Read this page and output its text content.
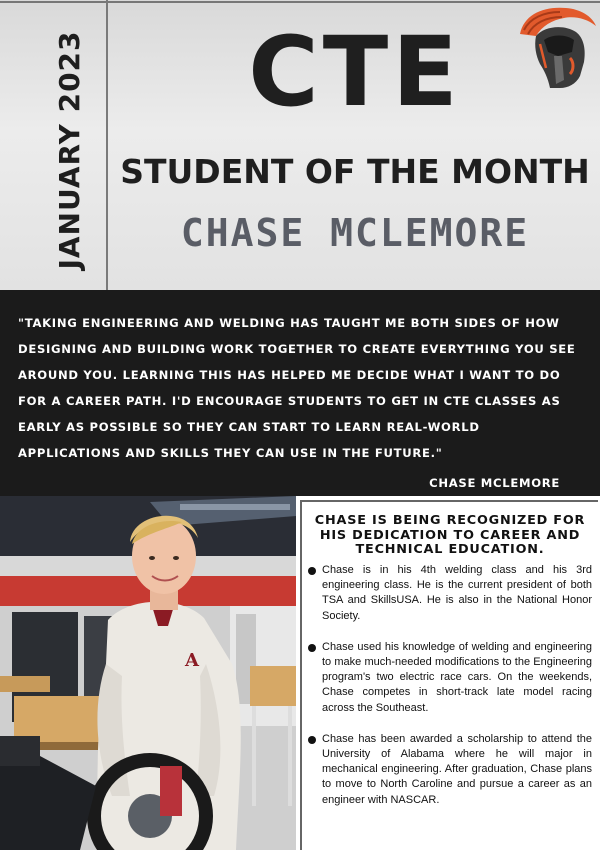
JANUARY 2023	CTE
STUDENT OF THE MONTH
CHASE MCLEMORE
"TAKING ENGINEERING AND WELDING HAS TAUGHT ME BOTH SIDES OF HOW DESIGNING AND BUILDING WORK TOGETHER TO CREATE EVERYTHING YOU SEE AROUND YOU. LEARNING THIS HAS HELPED ME DECIDE WHAT I WANT TO DO FOR A CAREER PATH. I'D ENCOURAGE STUDENTS TO GET IN CTE CLASSES AS EARLY AS POSSIBLE SO THEY CAN START TO LEARN REAL-WORLD APPLICATIONS AND SKILLS THEY CAN USE IN THE FUTURE."
CHASE MCLEMORE
A
CHASE IS BEING RECOGNIZED FOR HIS DEDICATION TO CAREER AND TECHNICAL EDUCATION.
Chase is in his 4th welding class and his 3rd engineering class. He is the current president of both TSA and SkillsUSA. He is also in the National Honor Society.
Chase used his knowledge of welding and engineering to make much-needed modifications to the Engineering program's two electric race cars. On the weekends, Chase competes in short-track late model racing across the Southeast.
Chase has been awarded a scholarship to attend the University of Alabama where he will major in mechanical engineering. After graduation, Chase plans to move to North Caroline and pursue a career as an engineer with NASCAR.
